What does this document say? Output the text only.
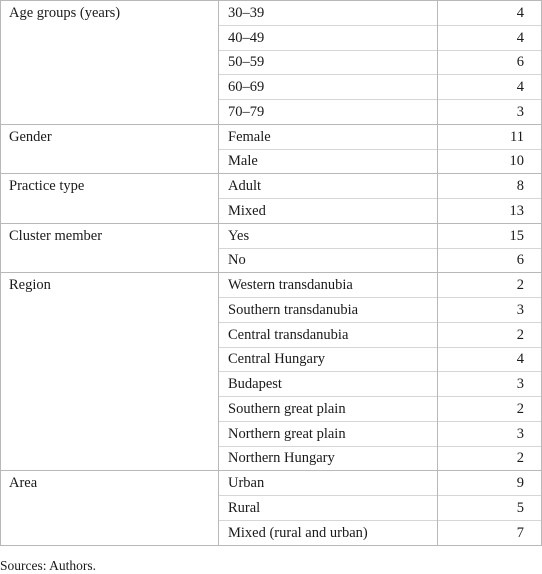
Age groups (years)	30–39	4
	40–49	4
	50–59	6
	60–69	4
	70–79	3
Gender	Female	11
	Male	10
Practice type	Adult	8
	Mixed	13
Cluster member	Yes	15
	No	6
Region	Western transdanubia	2
	Southern transdanubia	3
	Central transdanubia	2
	Central Hungary	4
	Budapest	3
	Southern great plain	2
	Northern great plain	3
	Northern Hungary	2
Area	Urban	9
	Rural	5
	Mixed (rural and urban)	7
Sources: Authors.
